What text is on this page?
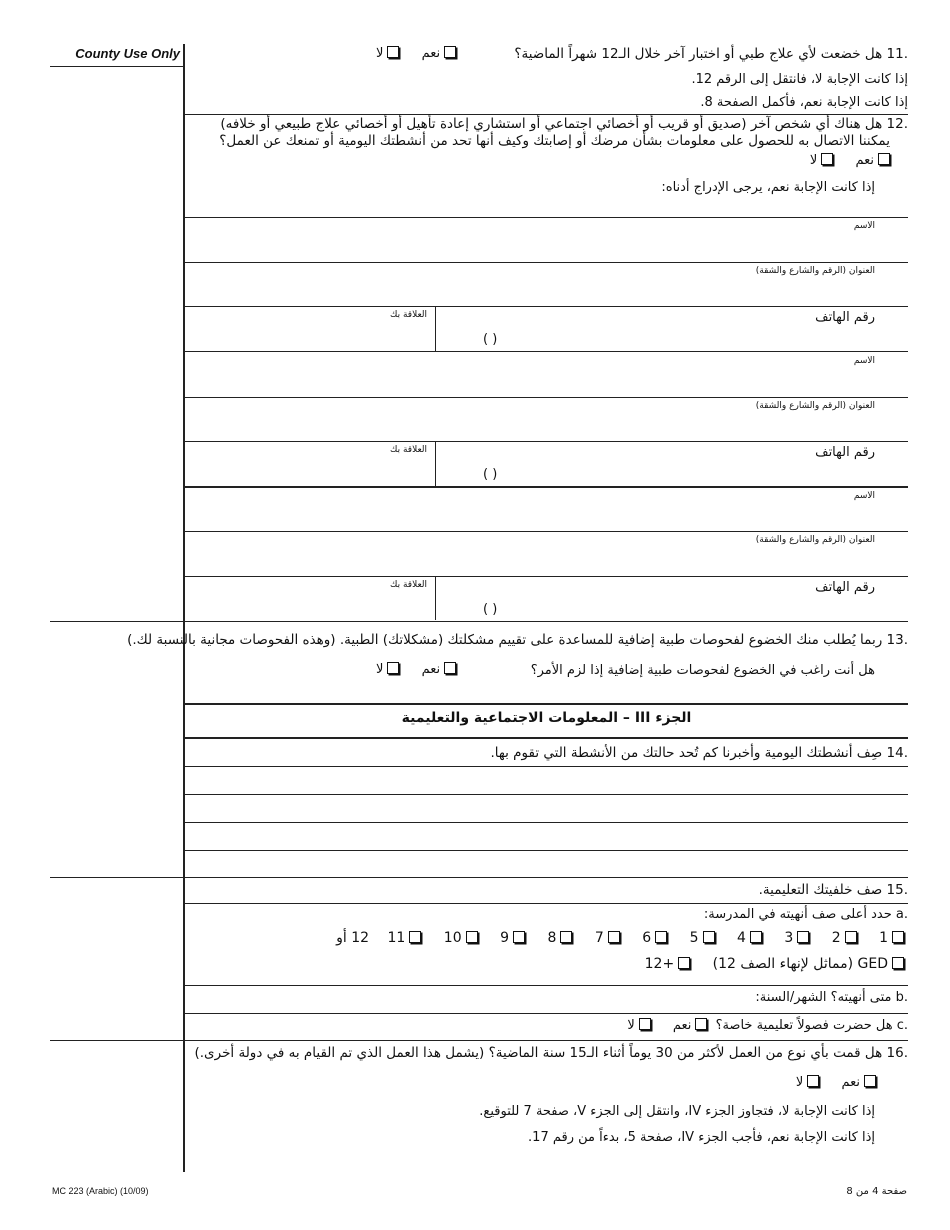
County Use Only	.11 هل خضعت لأي علاج طبي أو اختبار آخر خلال الـ12 شهراً الماضية؟
نعم لا
إذا كانت الإجابة لا، فانتقل إلى الرقم 12.
إذا كانت الإجابة نعم، فأكمل الصفحة 8.
.12 هل هناك أي شخص آخر (صديق أو قريب أو أخصائي اجتماعي أو استشاري إعادة تأهيل أو أخصائي علاج طبيعي أو خلافه)
يمكننا الاتصال به للحصول على معلومات بشأن مرضك أو إصابتك وكيف أنها تحد من أنشطتك اليومية أو تمنعك عن العمل؟
نعم لا
إذا كانت الإجابة نعم، يرجى الإدراج أدناه:
الاسم
العنوان (الرقم والشارع والشقة)
العلاقة بك	رقم الهاتف
( )
الاسم
العنوان (الرقم والشارع والشقة)
العلاقة بك	رقم الهاتف
( )
الاسم
العنوان (الرقم والشارع والشقة)
العلاقة بك	رقم الهاتف
( )
.13 ربما يُطلب منك الخضوع لفحوصات طبية إضافية للمساعدة على تقييم مشكلتك (مشكلاتك) الطبية. (وهذه الفحوصات مجانية بالنسبة لك.)
هل أنت راغب في الخضوع لفحوصات طبية إضافية إذا لزم الأمر؟
نعم لا
الجزء III – المعلومات الاجتماعية والتعليمية
.14 صِف أنشطتك اليومية وأخبرنا كم تُحد حالتك من الأنشطة التي تقوم بها.
.15 صف خلفيتك التعليمية.
.a حدد أعلى صف أنهيته في المدرسة:
1 2 3 4 5 6 7 8 9 10 11 12 أو
GED (مماثل لإنهاء الصف 12) +12
.b متى أنهيته؟ الشهر/السنة:
.c هل حضرت فصولاً تعليمية خاصة؟ نعم لا
.16 هل قمت بأي نوع من العمل لأكثر من 30 يوماً أثناء الـ15 سنة الماضية؟ (يشمل هذا العمل الذي تم القيام به في دولة أخرى.)
نعم لا
إذا كانت الإجابة لا، فتجاوز الجزء IV، وانتقل إلى الجزء V، صفحة 7 للتوقيع.
إذا كانت الإجابة نعم، فأجب الجزء IV، صفحة 5، بدءاً من رقم 17.
MC 223 (Arabic) (10/09)	صفحة 4 من 8
